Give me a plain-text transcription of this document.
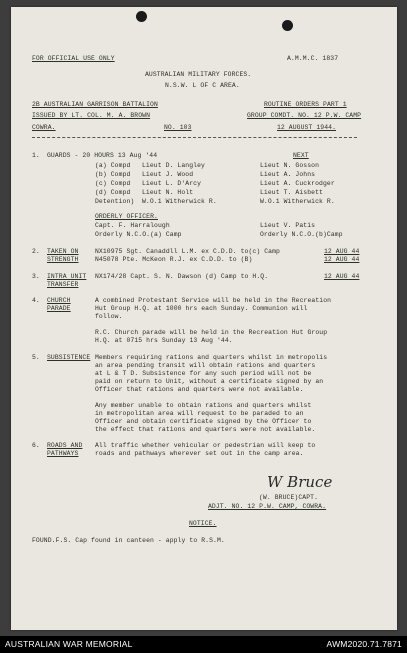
FOR OFFICIAL USE ONLY	A.M.M.C. 1837
AUSTRALIAN MILITARY FORCES.
N.S.W. L OF C AREA.
2B AUSTRALIAN GARRISON BATTALION	ROUTINE ORDERS PART 1
ISSUED BY LT. COL. M. A. BROWN	GROUP COMDT. NO. 12 P.W. CAMP
COWRA.	NO. 103	12 AUGUST 1944.
1. GUARDS - 20 HOURS 13 Aug '44	NEXT
(a) Compd Lieut D. Langley	Lieut N. Gosson
(b) Compd Lieut J. Wood	Lieut A. Johns
(c) Compd Lieut L. D'Arcy	Lieut A. Cuckrodger
(d) Compd Lieut N. Holt	Lieut T. Aisbett
Detention) W.O.1 Witherwick R.	W.O.1 Witherwick R.
ORDERLY OFFICER.
Capt. F. Harralough	Lieut V. Patis
Orderly N.C.O.(a) Camp	Orderly N.C.O.(b)Camp
2. TAKEN ON
STRENGTH
NX10975 Sgt. Canaddll L.M. ex C.D.D. to(c) Camp	12 AUG 44
N45078 Pte. McKeon R.J. ex C.D.D. to (B)	12 AUG 44
3. INTRA UNIT
TRANSFER
NX174/28 Capt. S. N. Dawson (d) Camp to H.Q.	12 AUG 44
4. CHURCH
PARADE
A combined Protestant Service will be held in the Recreation
Hut Group H.Q. at 1000 hrs each Sunday. Communion will
follow.
R.C. Church parade will be held in the Recreation Hut Group
H.Q. at 0715 hrs Sunday 13 Aug '44.
5. SUBSISTENCE Members requiring rations and quarters whilst in metropolis
an area pending transit will obtain rations and quarters
at L & T D. Subsistence for any such period will not be
paid on return to Unit, without a certificate signed by an
Officer that rations and quarters were not available.
Any member unable to obtain rations and quarters whilst
in metropolitan area will request to be paraded to an
Officer and obtain certificate signed by the Officer to
the effect that rations and quarters were not available.
6. ROADS AND
PATHWAYS
All traffic whether vehicular or pedestrian will keep to
roads and pathways wherever set out in the camp area.
W Bruce
(W. BRUCE)CAPT.
ADJT. NO. 12 P.W. CAMP, COWRA.
NOTICE.
FOUND.F.S. Cap found in canteen - apply to R.S.M.
AUSTRALIAN WAR MEMORIAL	AWM2020.71.7871
